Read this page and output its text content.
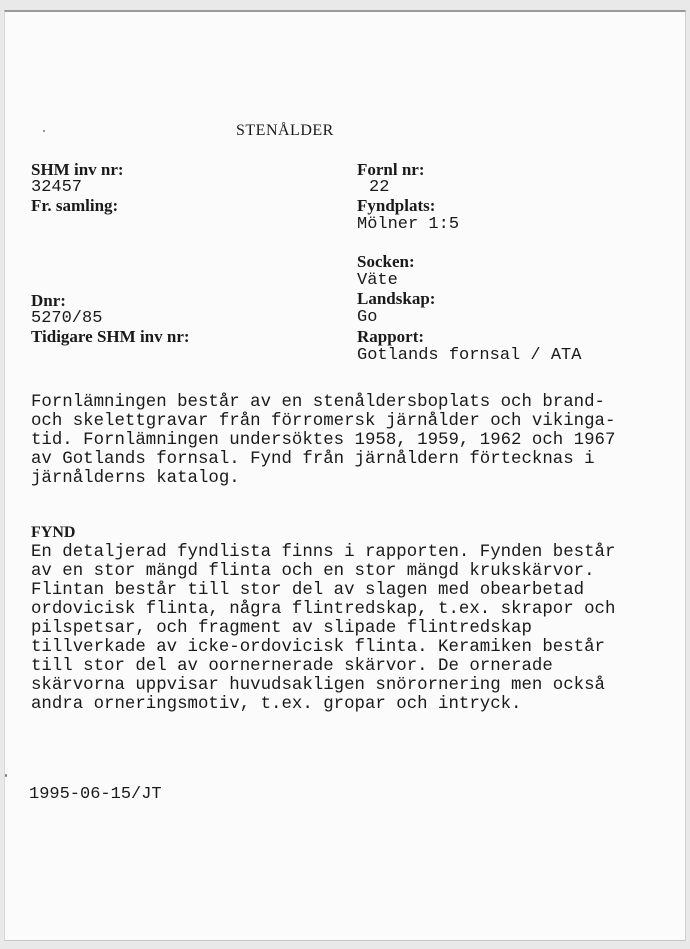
STENÅLDER
SHM inv nr:
32457
Fr. samling:
Dnr:
5270/85
Tidigare SHM inv nr:
Fornl nr:
22
Fyndplats:
Mölner 1:5
Socken:
Väte
Landskap:
Go
Rapport:
Gotlands fornsal / ATA
Fornlämningen består av en stenåldersboplats och brand-
och skelettgravar från förromersk järnålder och vikinga-
tid. Fornlämningen undersöktes 1958, 1959, 1962 och 1967
av Gotlands fornsal. Fynd från järnåldern förtecknas i
järnålderns katalog.
FYND
En detaljerad fyndlista finns i rapporten. Fynden består
av en stor mängd flinta och en stor mängd krukskärvor.
Flintan består till stor del av slagen med obearbetad
ordovicisk flinta, några flintredskap, t.ex. skrapor och
pilspetsar, och fragment av slipade flintredskap
tillverkade av icke-ordovicisk flinta. Keramiken består
till stor del av oornernerade skärvor. De ornerade
skärvorna uppvisar huvudsakligen snörornering men också
andra orneringsmotiv, t.ex. gropar och intryck.
1995-06-15/JT
